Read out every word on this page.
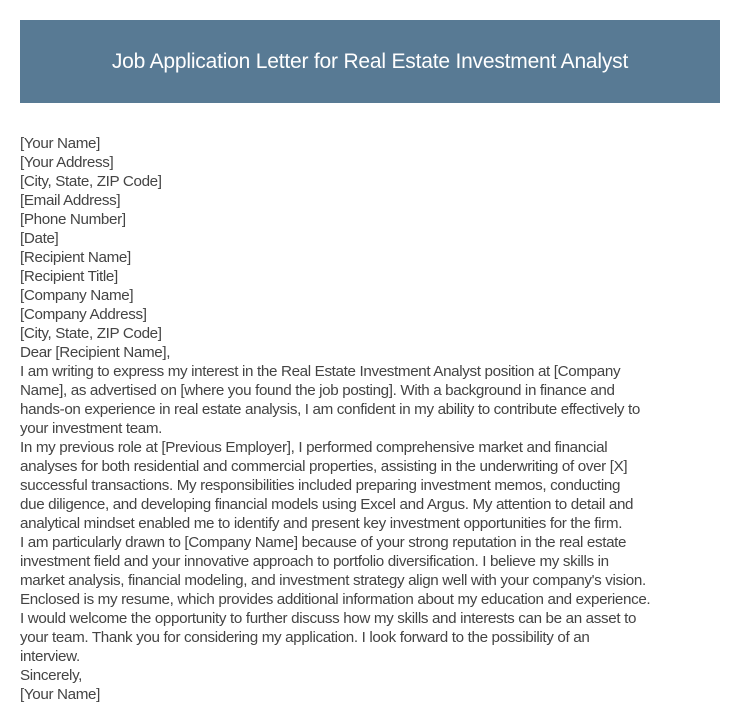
Job Application Letter for Real Estate Investment Analyst
[Your Name]
[Your Address]
[City, State, ZIP Code]
[Email Address]
[Phone Number]
[Date]
[Recipient Name]
[Recipient Title]
[Company Name]
[Company Address]
[City, State, ZIP Code]
Dear [Recipient Name],
I am writing to express my interest in the Real Estate Investment Analyst position at [Company
Name], as advertised on [where you found the job posting]. With a background in finance and
hands-on experience in real estate analysis, I am confident in my ability to contribute effectively to
your investment team.
In my previous role at [Previous Employer], I performed comprehensive market and financial
analyses for both residential and commercial properties, assisting in the underwriting of over [X]
successful transactions. My responsibilities included preparing investment memos, conducting
due diligence, and developing financial models using Excel and Argus. My attention to detail and
analytical mindset enabled me to identify and present key investment opportunities for the firm.
I am particularly drawn to [Company Name] because of your strong reputation in the real estate
investment field and your innovative approach to portfolio diversification. I believe my skills in
market analysis, financial modeling, and investment strategy align well with your company's vision.
Enclosed is my resume, which provides additional information about my education and experience.
I would welcome the opportunity to further discuss how my skills and interests can be an asset to
your team. Thank you for considering my application. I look forward to the possibility of an
interview.
Sincerely,
[Your Name]
